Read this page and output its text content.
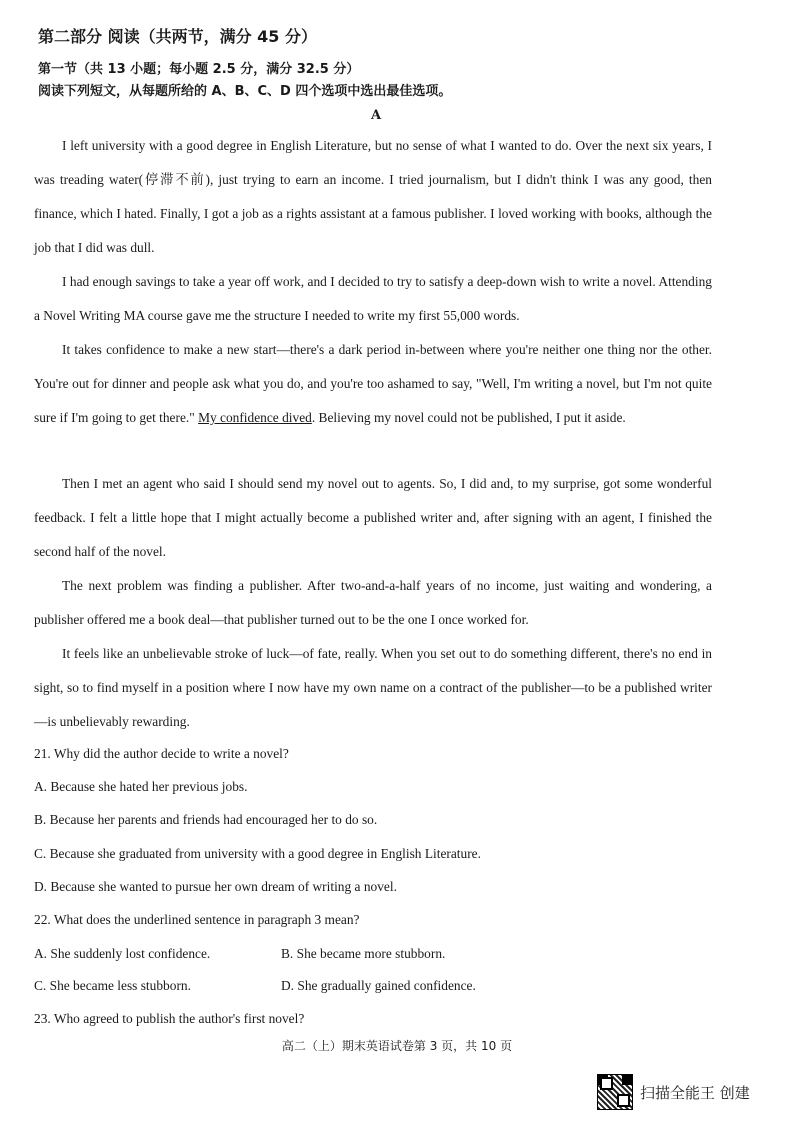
第二部分 阅读（共两节，满分 45 分）
第一节（共 13 小题；每小题 2.5 分，满分 32.5 分）
阅读下列短文，从每题所给的 A、B、C、D 四个选项中选出最佳选项。
A
I left university with a good degree in English Literature, but no sense of what I wanted to do. Over the next six years, I was treading water(停滞不前), just trying to earn an income. I tried journalism, but I didn't think I was any good, then finance, which I hated. Finally, I got a job as a rights assistant at a famous publisher. I loved working with books, although the job that I did was dull.
I had enough savings to take a year off work, and I decided to try to satisfy a deep-down wish to write a novel. Attending a Novel Writing MA course gave me the structure I needed to write my first 55,000 words.
It takes confidence to make a new start—there's a dark period in-between where you're neither one thing nor the other. You're out for dinner and people ask what you do, and you're too ashamed to say, "Well, I'm writing a novel, but I'm not quite sure if I'm going to get there." My confidence dived. Believing my novel could not be published, I put it aside.
Then I met an agent who said I should send my novel out to agents. So, I did and, to my surprise, got some wonderful feedback. I felt a little hope that I might actually become a published writer and, after signing with an agent, I finished the second half of the novel.
The next problem was finding a publisher. After two-and-a-half years of no income, just waiting and wondering, a publisher offered me a book deal—that publisher turned out to be the one I once worked for.
It feels like an unbelievable stroke of luck—of fate, really. When you set out to do something different, there's no end in sight, so to find myself in a position where I now have my own name on a contract of the publisher—to be a published writer—is unbelievably rewarding.
21. Why did the author decide to write a novel?
A. Because she hated her previous jobs.
B. Because her parents and friends had encouraged her to do so.
C. Because she graduated from university with a good degree in English Literature.
D. Because she wanted to pursue her own dream of writing a novel.
22. What does the underlined sentence in paragraph 3 mean?
A. She suddenly lost confidence.	B. She became more stubborn.
C. She became less stubborn.	D. She gradually gained confidence.
23. Who agreed to publish the author's first novel?
高二（上）期末英语试卷第 3 页，共 10 页
扫描全能王 创建
